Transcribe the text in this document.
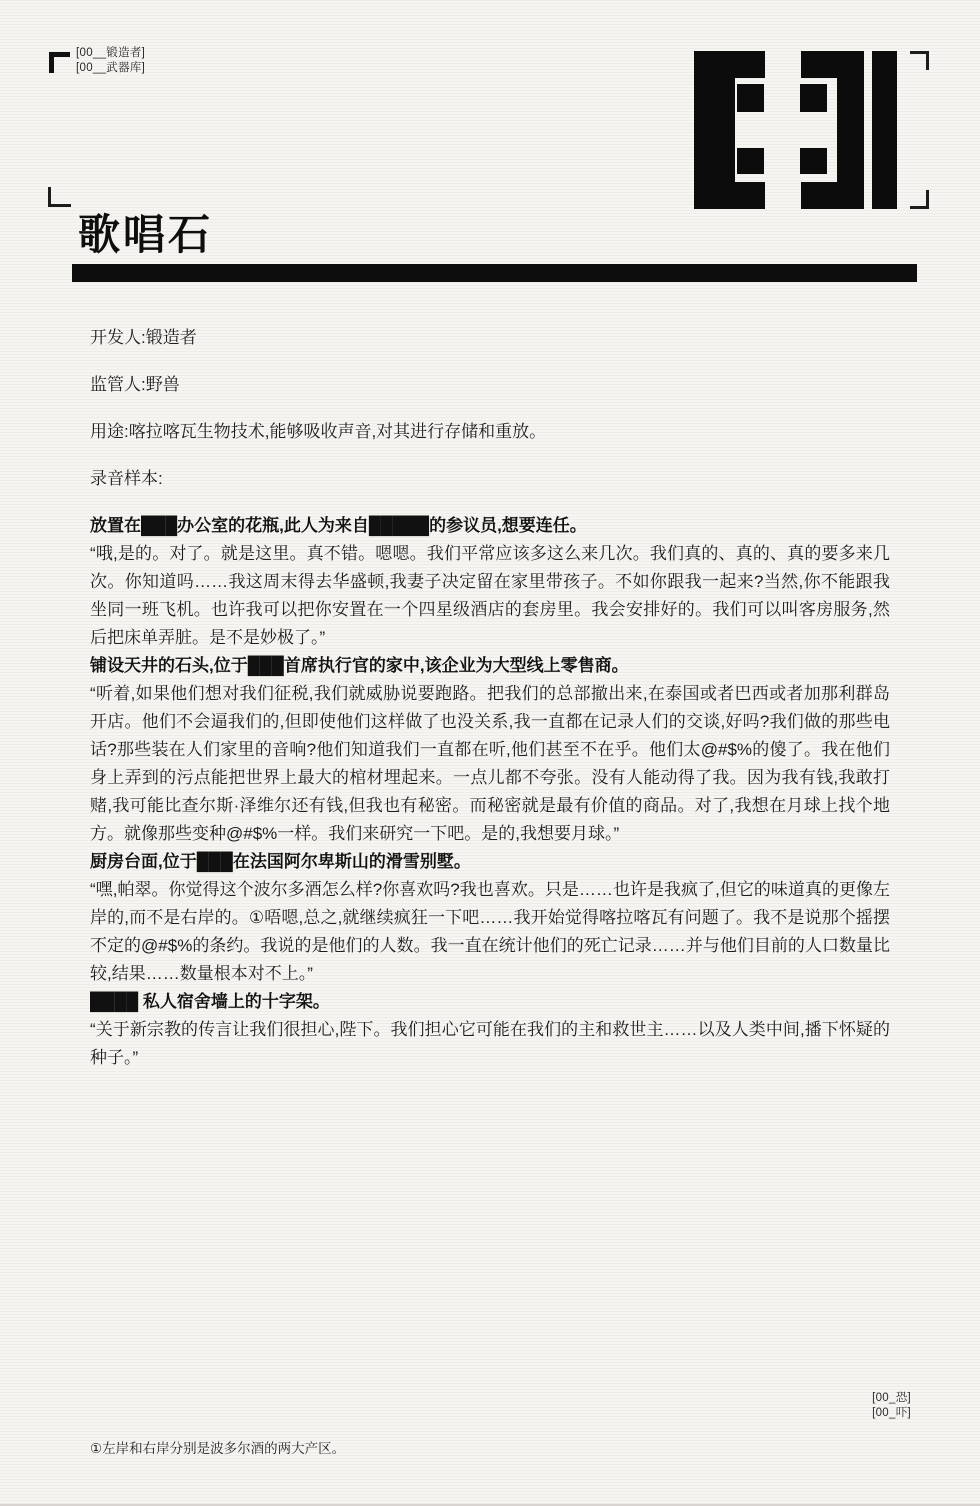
[00__锻造者]
[00__武器库]
歌唱石

开发人:锻造者

监管人:野兽

用途:喀拉喀瓦生物技术,能够吸收声音,对其进行存储和重放。

录音样本:

放置在███办公室的花瓶,此人为来自█████的参议员,想要连任。

“哦,是的。对了。就是这里。真不错。嗯嗯。我们平常应该多这么来几次。我们真的、真的、真的要多来几次。你知道吗……我这周末得去华盛顿,我妻子决定留在家里带孩子。不如你跟我一起来?当然,你不能跟我坐同一班飞机。也许我可以把你安置在一个四星级酒店的套房里。我会安排好的。我们可以叫客房服务,然后把床单弄脏。是不是妙极了。”

铺设天井的石头,位于███首席执行官的家中,该企业为大型线上零售商。

“听着,如果他们想对我们征税,我们就威胁说要跑路。把我们的总部撤出来,在泰国或者巴西或者加那利群岛开店。他们不会逼我们的,但即使他们这样做了也没关系,我一直都在记录人们的交谈,好吗?我们做的那些电话?那些装在人们家里的音响?他们知道我们一直都在听,他们甚至不在乎。他们太@#$%的傻了。我在他们身上弄到的污点能把世界上最大的棺材埋起来。一点儿都不夸张。没有人能动得了我。因为我有钱,我敢打赌,我可能比查尔斯·泽维尔还有钱,但我也有秘密。而秘密就是最有价值的商品。对了,我想在月球上找个地方。就像那些变种@#$%一样。我们来研究一下吧。是的,我想要月球。”

厨房台面,位于███在法国阿尔卑斯山的滑雪别墅。

“嘿,帕翠。你觉得这个波尔多酒怎么样?你喜欢吗?我也喜欢。只是……也许是我疯了,但它的味道真的更像左岸的,而不是右岸的。①唔嗯,总之,就继续疯狂一下吧……我开始觉得喀拉喀瓦有问题了。我不是说那个摇摆不定的@#$%的条约。我说的是他们的人数。我一直在统计他们的死亡记录……并与他们目前的人口数量比较,结果……数量根本对不上。”

████ 私人宿舍墙上的十字架。

“关于新宗教的传言让我们很担心,陛下。我们担心它可能在我们的主和救世主……以及人类中间,播下怀疑的种子。”

[00_恐]
[00_吓]
①左岸和右岸分别是波多尔酒的两大产区。
